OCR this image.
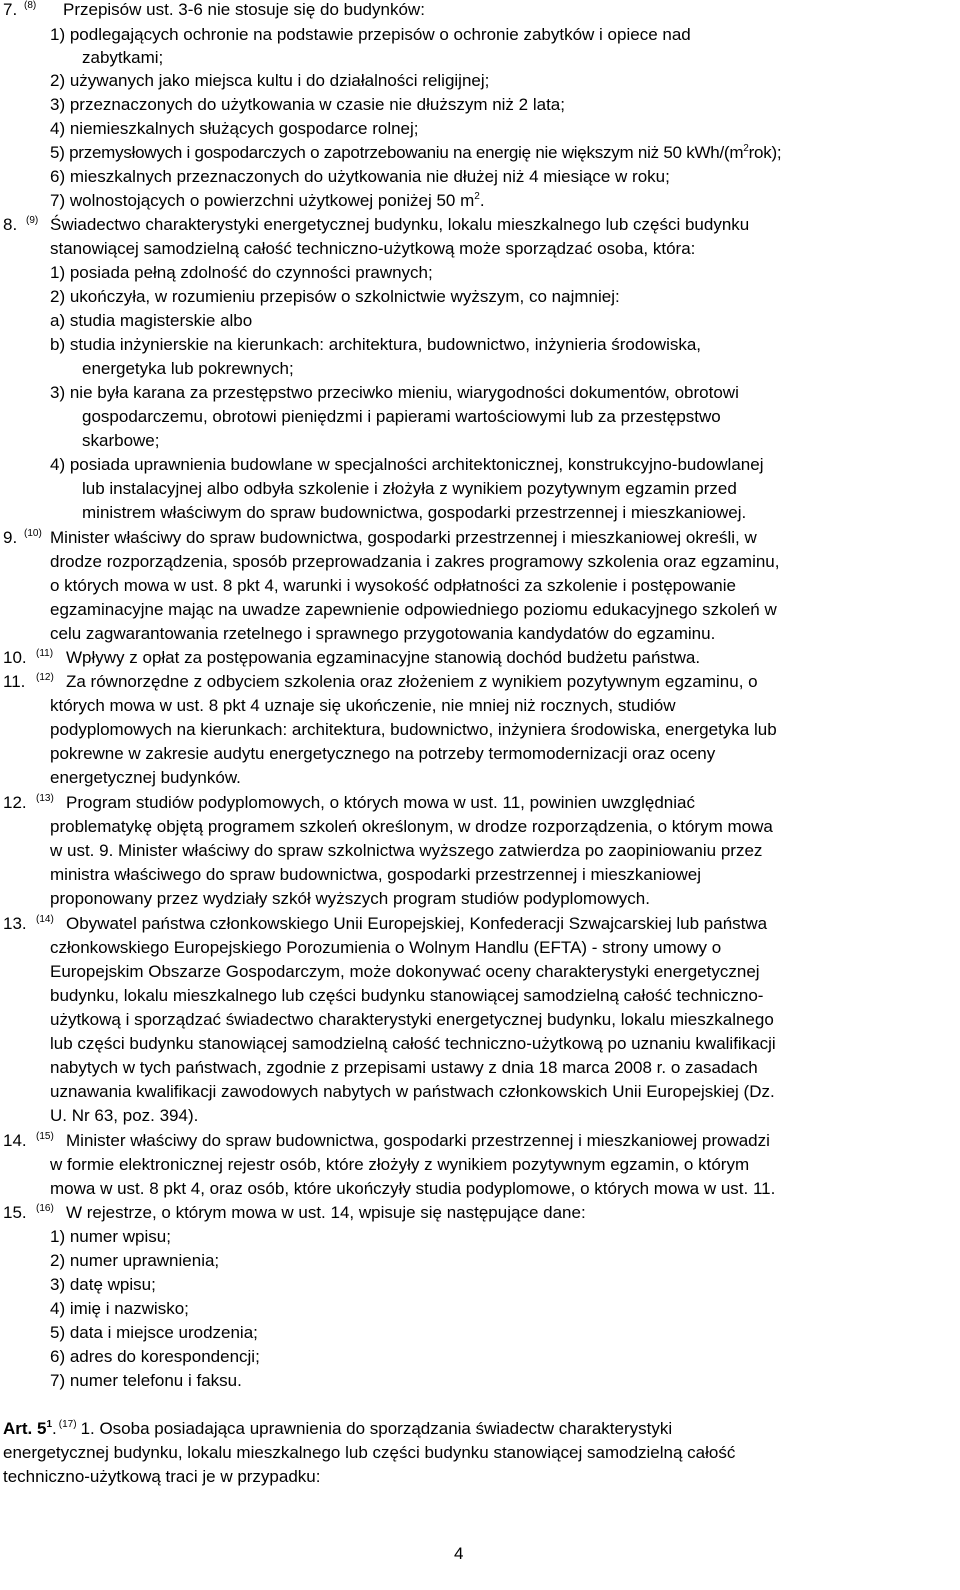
7. (8) Przepisów ust. 3-6 nie stosuje się do budynków:
1) podlegających ochronie na podstawie przepisów o ochronie zabytków i opiece nad
zabytkami;
2) używanych jako miejsca kultu i do działalności religijnej;
3) przeznaczonych do użytkowania w czasie nie dłuższym niż 2 lata;
4) niemieszkalnych służących gospodarce rolnej;
5) przemysłowych i gospodarczych o zapotrzebowaniu na energię nie większym niż 50 kWh/$(m^2rok)$;
6) mieszkalnych przeznaczonych do użytkowania nie dłużej niż 4 miesiące w roku;
7) wolnostojących o powierzchni użytkowej poniżej 50 $m^2$.
8. (9) Świadectwo charakterystyki energetycznej budynku, lokalu mieszkalnego lub części budynku
stanowiącej samodzielną całość techniczno-użytkową może sporządzać osoba, która:
1) posiada pełną zdolność do czynności prawnych;
2) ukończyła, w rozumieniu przepisów o szkolnictwie wyższym, co najmniej:
a) studia magisterskie albo
b) studia inżynierskie na kierunkach: architektura, budownictwo, inżynieria środowiska,
energetyka lub pokrewnych;
3) nie była karana za przestępstwo przeciwko mieniu, wiarygodności dokumentów, obrotowi
gospodarczemu, obrotowi pieniędzmi i papierami wartościowymi lub za przestępstwo
skarbowe;
4) posiada uprawnienia budowlane w specjalności architektonicznej, konstrukcyjno-budowlanej
lub instalacyjnej albo odbyła szkolenie i złożyła z wynikiem pozytywnym egzamin przed
ministrem właściwym do spraw budownictwa, gospodarki przestrzennej i mieszkaniowej.
9. (10) Minister właściwy do spraw budownictwa, gospodarki przestrzennej i mieszkaniowej określi, w
drodze rozporządzenia, sposób przeprowadzania i zakres programowy szkolenia oraz egzaminu,
o których mowa w ust. 8 pkt 4, warunki i wysokość odpłatności za szkolenie i postępowanie
egzaminacyjne mając na uwadze zapewnienie odpowiedniego poziomu edukacyjnego szkoleń w
celu zagwarantowania rzetelnego i sprawnego przygotowania kandydatów do egzaminu.
10. (11) Wpływy z opłat za postępowania egzaminacyjne stanowią dochód budżetu państwa.
11. (12) Za równorzędne z odbyciem szkolenia oraz złożeniem z wynikiem pozytywnym egzaminu, o
których mowa w ust. 8 pkt 4 uznaje się ukończenie, nie mniej niż rocznych, studiów
podyplomowych na kierunkach: architektura, budownictwo, inżyniera środowiska, energetyka lub
pokrewne w zakresie audytu energetycznego na potrzeby termomodernizacji oraz oceny
energetycznej budynków.
12. (13) Program studiów podyplomowych, o których mowa w ust. 11, powinien uwzględniać
problematykę objętą programem szkoleń określonym, w drodze rozporządzenia, o którym mowa
w ust. 9. Minister właściwy do spraw szkolnictwa wyższego zatwierdza po zaopiniowaniu przez
ministra właściwego do spraw budownictwa, gospodarki przestrzennej i mieszkaniowej
proponowany przez wydziały szkół wyższych program studiów podyplomowych.
13. (14) Obywatel państwa członkowskiego Unii Europejskiej, Konfederacji Szwajcarskiej lub państwa
członkowskiego Europejskiego Porozumienia o Wolnym Handlu (EFTA) - strony umowy o
Europejskim Obszarze Gospodarczym, może dokonywać oceny charakterystyki energetycznej
budynku, lokalu mieszkalnego lub części budynku stanowiącej samodzielną całość techniczno-
użytkową i sporządzać świadectwo charakterystyki energetycznej budynku, lokalu mieszkalnego
lub części budynku stanowiącej samodzielną całość techniczno-użytkową po uznaniu kwalifikacji
nabytych w tych państwach, zgodnie z przepisami ustawy z dnia 18 marca 2008 r. o zasadach
uznawania kwalifikacji zawodowych nabytych w państwach członkowskich Unii Europejskiej (Dz.
U. Nr 63, poz. 394).
14. (15) Minister właściwy do spraw budownictwa, gospodarki przestrzennej i mieszkaniowej prowadzi
w formie elektronicznej rejestr osób, które złożyły z wynikiem pozytywnym egzamin, o którym
mowa w ust. 8 pkt 4, oraz osób, które ukończyły studia podyplomowe, o których mowa w ust. 11.
15. (16) W rejestrze, o którym mowa w ust. 14, wpisuje się następujące dane:
1) numer wpisu;
2) numer uprawnienia;
3) datę wpisu;
4) imię i nazwisko;
5) data i miejsce urodzenia;
6) adres do korespondencji;
7) numer telefonu i faksu.
Art. $5^1$. $^{(17)}$ 1. Osoba posiadająca uprawnienia do sporządzania świadectw charakterystyki
energetycznej budynku, lokalu mieszkalnego lub części budynku stanowiącej samodzielną całość
techniczno-użytkową traci je w przypadku:
4
